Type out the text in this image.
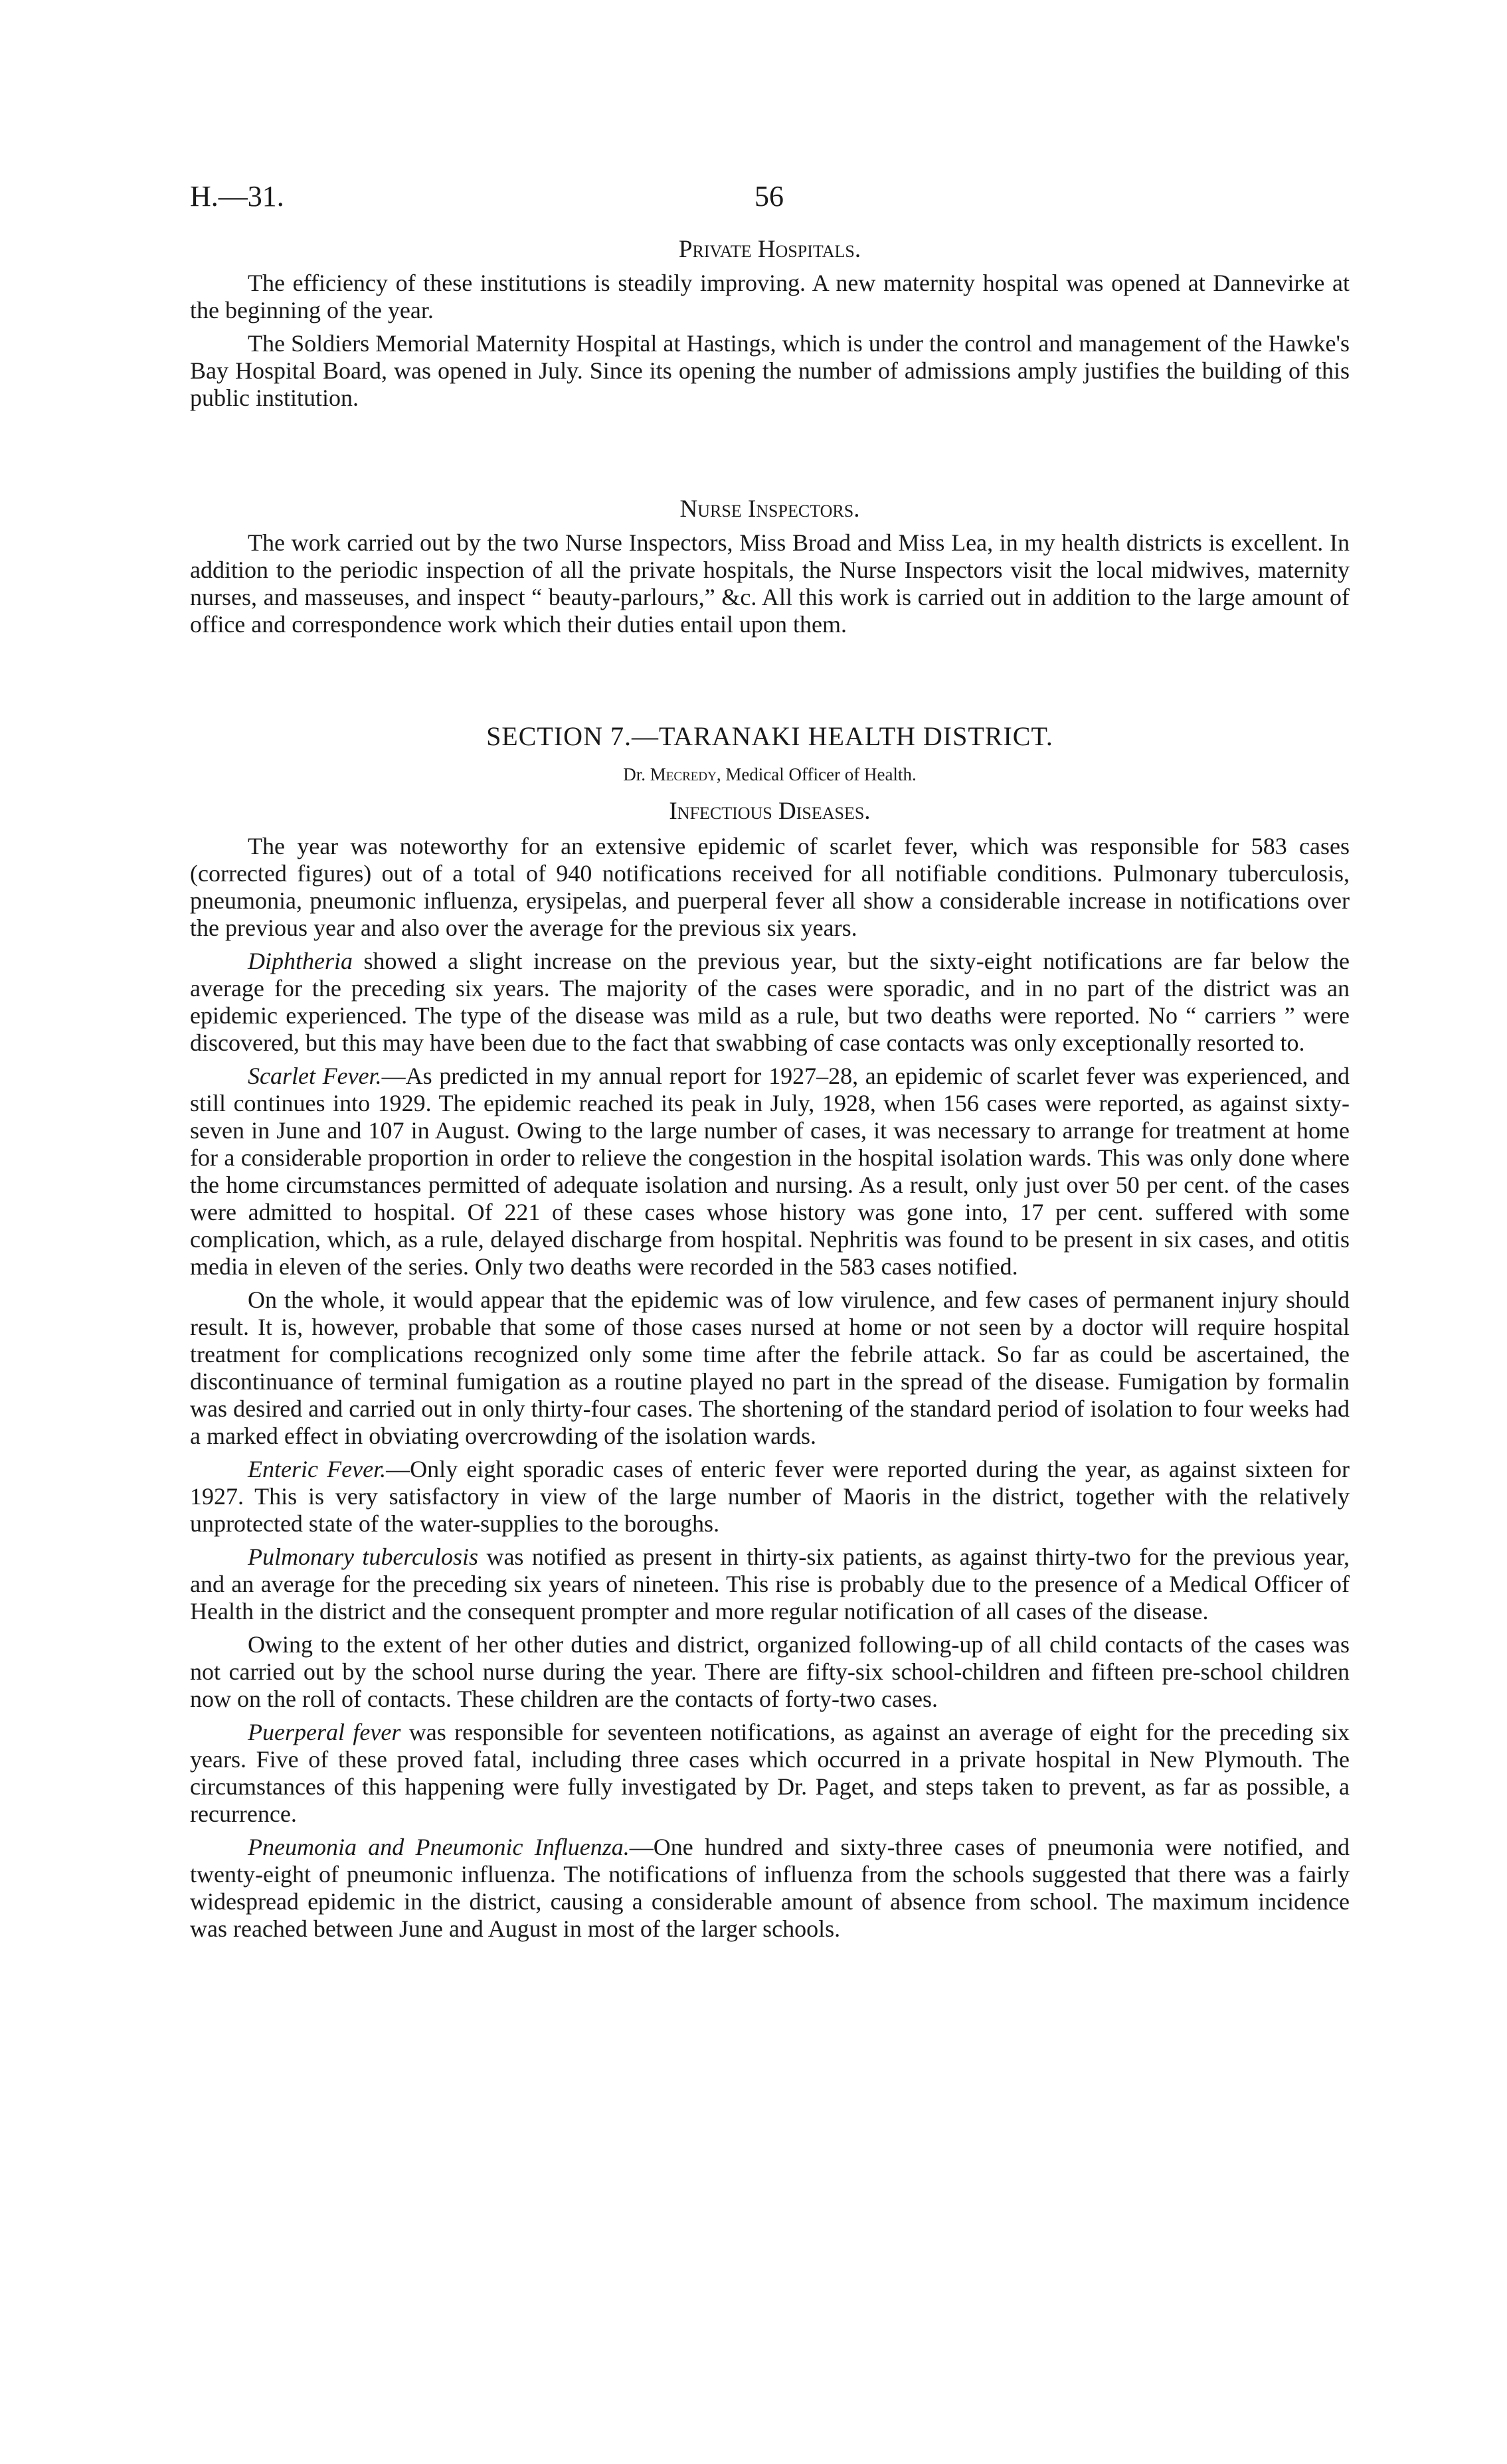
H.—31.	56
Private Hospitals.

The efficiency of these institutions is steadily improving. A new maternity hospital was opened at Dannevirke at the beginning of the year.

The Soldiers Memorial Maternity Hospital at Hastings, which is under the control and management of the Hawke's Bay Hospital Board, was opened in July. Since its opening the number of admissions amply justifies the building of this public institution.

Nurse Inspectors.

The work carried out by the two Nurse Inspectors, Miss Broad and Miss Lea, in my health districts is excellent. In addition to the periodic inspection of all the private hospitals, the Nurse Inspectors visit the local midwives, maternity nurses, and masseuses, and inspect “ beauty-parlours,” &c. All this work is carried out in addition to the large amount of office and correspondence work which their duties entail upon them.

SECTION 7.—TARANAKI HEALTH DISTRICT.
Dr. Mecredy, Medical Officer of Health.
Infectious Diseases.

The year was noteworthy for an extensive epidemic of scarlet fever, which was responsible for 583 cases (corrected figures) out of a total of 940 notifications received for all notifiable conditions. Pulmonary tuberculosis, pneumonia, pneumonic influenza, erysipelas, and puerperal fever all show a considerable increase in notifications over the previous year and also over the average for the previous six years.

Diphtheria showed a slight increase on the previous year, but the sixty-eight notifications are far below the average for the preceding six years. The majority of the cases were sporadic, and in no part of the district was an epidemic experienced. The type of the disease was mild as a rule, but two deaths were reported. No “ carriers ” were discovered, but this may have been due to the fact that swabbing of case contacts was only exceptionally resorted to.

Scarlet Fever.—As predicted in my annual report for 1927–28, an epidemic of scarlet fever was experienced, and still continues into 1929. The epidemic reached its peak in July, 1928, when 156 cases were reported, as against sixty-seven in June and 107 in August. Owing to the large number of cases, it was necessary to arrange for treatment at home for a considerable proportion in order to relieve the congestion in the hospital isolation wards. This was only done where the home circumstances permitted of adequate isolation and nursing. As a result, only just over 50 per cent. of the cases were admitted to hospital. Of 221 of these cases whose history was gone into, 17 per cent. suffered with some complication, which, as a rule, delayed discharge from hospital. Nephritis was found to be present in six cases, and otitis media in eleven of the series. Only two deaths were recorded in the 583 cases notified.

On the whole, it would appear that the epidemic was of low virulence, and few cases of permanent injury should result. It is, however, probable that some of those cases nursed at home or not seen by a doctor will require hospital treatment for complications recognized only some time after the febrile attack. So far as could be ascertained, the discontinuance of terminal fumigation as a routine played no part in the spread of the disease. Fumigation by formalin was desired and carried out in only thirty-four cases. The shortening of the standard period of isolation to four weeks had a marked effect in obviating overcrowding of the isolation wards.

Enteric Fever.—Only eight sporadic cases of enteric fever were reported during the year, as against sixteen for 1927. This is very satisfactory in view of the large number of Maoris in the district, together with the relatively unprotected state of the water-supplies to the boroughs.

Pulmonary tuberculosis was notified as present in thirty-six patients, as against thirty-two for the previous year, and an average for the preceding six years of nineteen. This rise is probably due to the presence of a Medical Officer of Health in the district and the consequent prompter and more regular notification of all cases of the disease.

Owing to the extent of her other duties and district, organized following-up of all child contacts of the cases was not carried out by the school nurse during the year. There are fifty-six school-children and fifteen pre-school children now on the roll of contacts. These children are the contacts of forty-two cases.

Puerperal fever was responsible for seventeen notifications, as against an average of eight for the preceding six years. Five of these proved fatal, including three cases which occurred in a private hospital in New Plymouth. The circumstances of this happening were fully investigated by Dr. Paget, and steps taken to prevent, as far as possible, a recurrence.

Pneumonia and Pneumonic Influenza.—One hundred and sixty-three cases of pneumonia were notified, and twenty-eight of pneumonic influenza. The notifications of influenza from the schools suggested that there was a fairly widespread epidemic in the district, causing a considerable amount of absence from school. The maximum incidence was reached between June and August in most of the larger schools.
